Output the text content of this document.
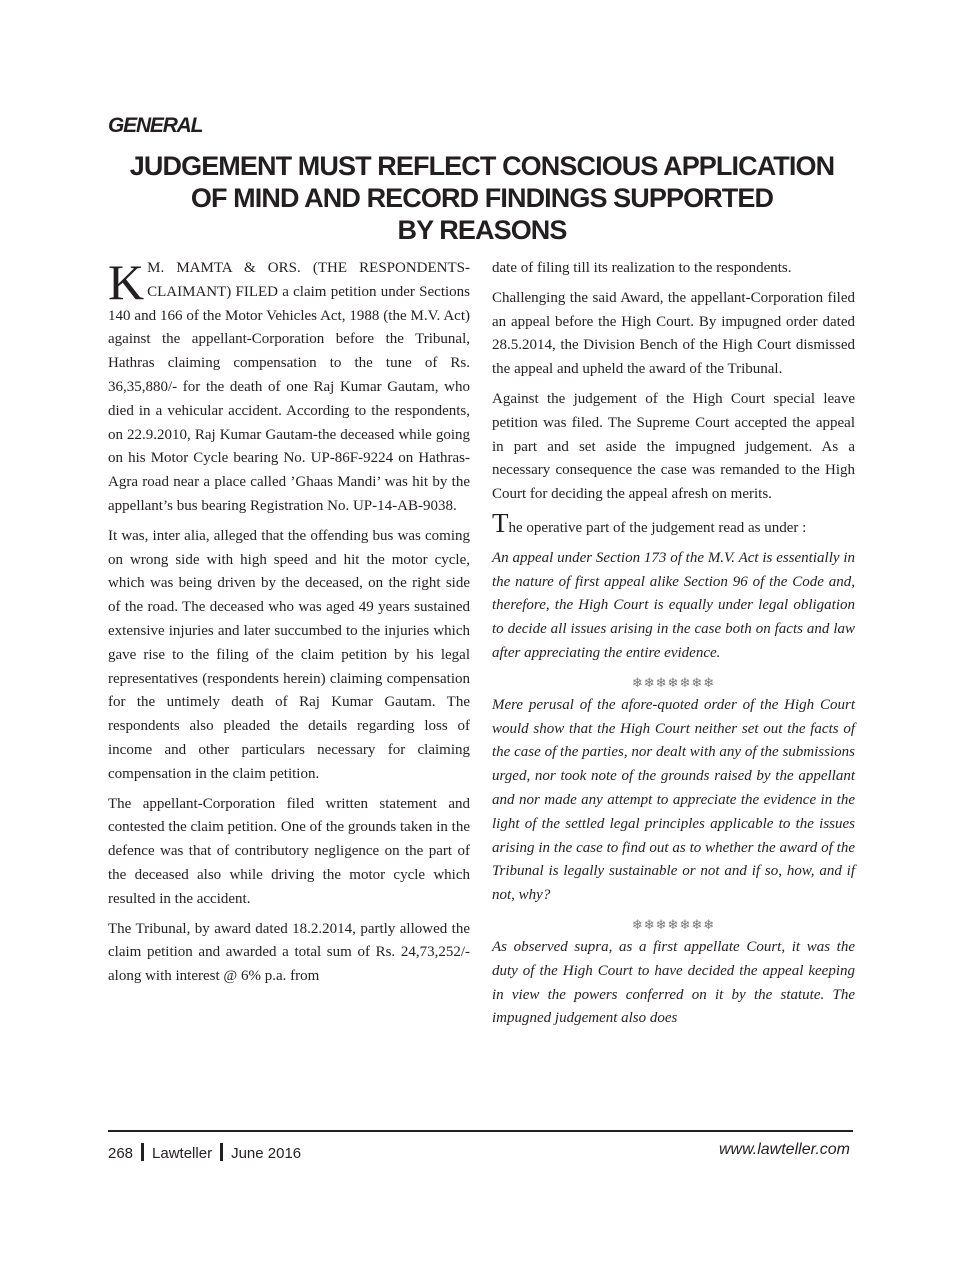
GENERAL
JUDGEMENT MUST REFLECT CONSCIOUS APPLICATION
OF MIND AND RECORD FINDINGS SUPPORTED
BY REASONS

K M. MAMTA & ORS. (THE RESPONDENTS-CLAIMANT) FILED a claim petition under Sections 140 and 166 of the Motor Vehicles Act, 1988 (the M.V. Act) against the appellant-Corporation before the Tribunal, Hathras claiming compensation to the tune of Rs. 36,35,880/- for the death of one Raj Kumar Gautam, who died in a vehicular accident. According to the respondents, on 22.9.2010, Raj Kumar Gautam-the deceased while going on his Motor Cycle bearing No. UP-86F-9224 on Hathras-Agra road near a place called ’Ghaas Mandi’ was hit by the appellant’s bus bearing Registration No. UP-14-AB-9038.

It was, inter alia, alleged that the offending bus was coming on wrong side with high speed and hit the motor cycle, which was being driven by the deceased, on the right side of the road. The deceased who was aged 49 years sustained extensive injuries and later succumbed to the injuries which gave rise to the filing of the claim petition by his legal representatives (respondents herein) claiming compensation for the untimely death of Raj Kumar Gautam. The respondents also pleaded the details regarding loss of income and other particulars necessary for claiming compensation in the claim petition.

The appellant-Corporation filed written statement and contested the claim petition. One of the grounds taken in the defence was that of contributory negligence on the part of the deceased also while driving the motor cycle which resulted in the accident.

The Tribunal, by award dated 18.2.2014, partly allowed the claim petition and awarded a total sum of Rs. 24,73,252/- along with interest @ 6% p.a. from

date of filing till its realization to the respondents.

Challenging the said Award, the appellant-Corporation filed an appeal before the High Court. By impugned order dated 28.5.2014, the Division Bench of the High Court dismissed the appeal and upheld the award of the Tribunal.

Against the judgement of the High Court special leave petition was filed. The Supreme Court accepted the appeal in part and set aside the impugned judgement. As a necessary consequence the case was remanded to the High Court for deciding the appeal afresh on merits.

The operative part of the judgement read as under :

An appeal under Section 173 of the M.V. Act is essentially in the nature of first appeal alike Section 96 of the Code and, therefore, the High Court is equally under legal obligation to decide all issues arising in the case both on facts and law after appreciating the entire evidence.

❄❄❄❄❄❄❄

Mere perusal of the afore-quoted order of the High Court would show that the High Court neither set out the facts of the case of the parties, nor dealt with any of the submissions urged, nor took note of the grounds raised by the appellant and nor made any attempt to appreciate the evidence in the light of the settled legal principles applicable to the issues arising in the case to find out as to whether the award of the Tribunal is legally sustainable or not and if so, how, and if not, why?

❄❄❄❄❄❄❄

As observed supra, as a first appellate Court, it was the duty of the High Court to have decided the appeal keeping in view the powers conferred on it by the statute. The impugned judgement also does

268 Lawteller June 2016	www.lawteller.com
